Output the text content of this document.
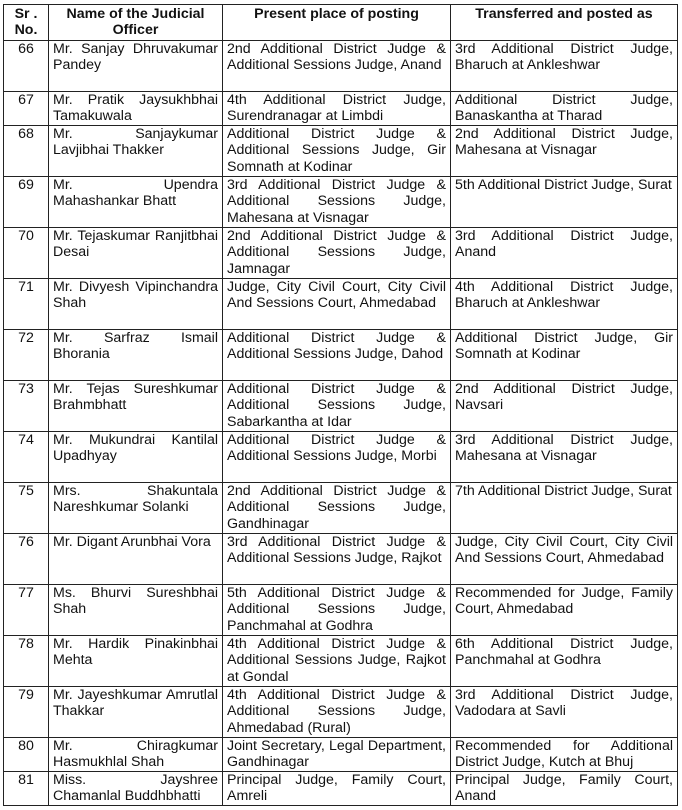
Sr . No.	Name of the Judicial Officer	Present place of posting	Transferred and posted as
66	Mr. Sanjay Dhruvakumar Pandey	2nd Additional District Judge & Additional Sessions Judge, Anand	3rd Additional District Judge, Bharuch at Ankleshwar
67	Mr. Pratik Jaysukhbhai Tamakuwala	4th Additional District Judge, Surendranagar at Limbdi	Additional District Judge, Banaskantha at Tharad
68	Mr. Sanjaykumar Lavjibhai Thakker	Additional District Judge & Additional Sessions Judge, Gir Somnath at Kodinar	2nd Additional District Judge, Mahesana at Visnagar
69	Mr. Upendra Mahashankar Bhatt	3rd Additional District Judge & Additional Sessions Judge, Mahesana at Visnagar	5th Additional District Judge, Surat
70	Mr. Tejaskumar Ranjitbhai Desai	2nd Additional District Judge & Additional Sessions Judge, Jamnagar	3rd Additional District Judge, Anand
71	Mr. Divyesh Vipinchandra Shah	Judge, City Civil Court, City Civil And Sessions Court, Ahmedabad	4th Additional District Judge, Bharuch at Ankleshwar
72	Mr. Sarfraz Ismail Bhorania	Additional District Judge & Additional Sessions Judge, Dahod	Additional District Judge, Gir Somnath at Kodinar
73	Mr. Tejas Sureshkumar Brahmbhatt	Additional District Judge & Additional Sessions Judge, Sabarkantha at Idar	2nd Additional District Judge, Navsari
74	Mr. Mukundrai Kantilal Upadhyay	Additional District Judge & Additional Sessions Judge, Morbi	3rd Additional District Judge, Mahesana at Visnagar
75	Mrs. Shakuntala Nareshkumar Solanki	2nd Additional District Judge & Additional Sessions Judge, Gandhinagar	7th Additional District Judge, Surat
76	Mr. Digant Arunbhai Vora	3rd Additional District Judge & Additional Sessions Judge, Rajkot	Judge, City Civil Court, City Civil And Sessions Court, Ahmedabad
77	Ms. Bhurvi Sureshbhai Shah	5th Additional District Judge & Additional Sessions Judge, Panchmahal at Godhra	Recommended for Judge, Family Court, Ahmedabad
78	Mr. Hardik Pinakinbhai Mehta	4th Additional District Judge & Additional Sessions Judge, Rajkot at Gondal	6th Additional District Judge, Panchmahal at Godhra
79	Mr. Jayeshkumar Amrutlal Thakkar	4th Additional District Judge & Additional Sessions Judge, Ahmedabad (Rural)	3rd Additional District Judge, Vadodara at Savli
80	Mr. Chiragkumar Hasmukhlal Shah	Joint Secretary, Legal Department, Gandhinagar	Recommended for Additional District Judge, Kutch at Bhuj
81	Miss. Jayshree Chamanlal Buddhbhatti	Principal Judge, Family Court, Amreli	Principal Judge, Family Court, Anand
